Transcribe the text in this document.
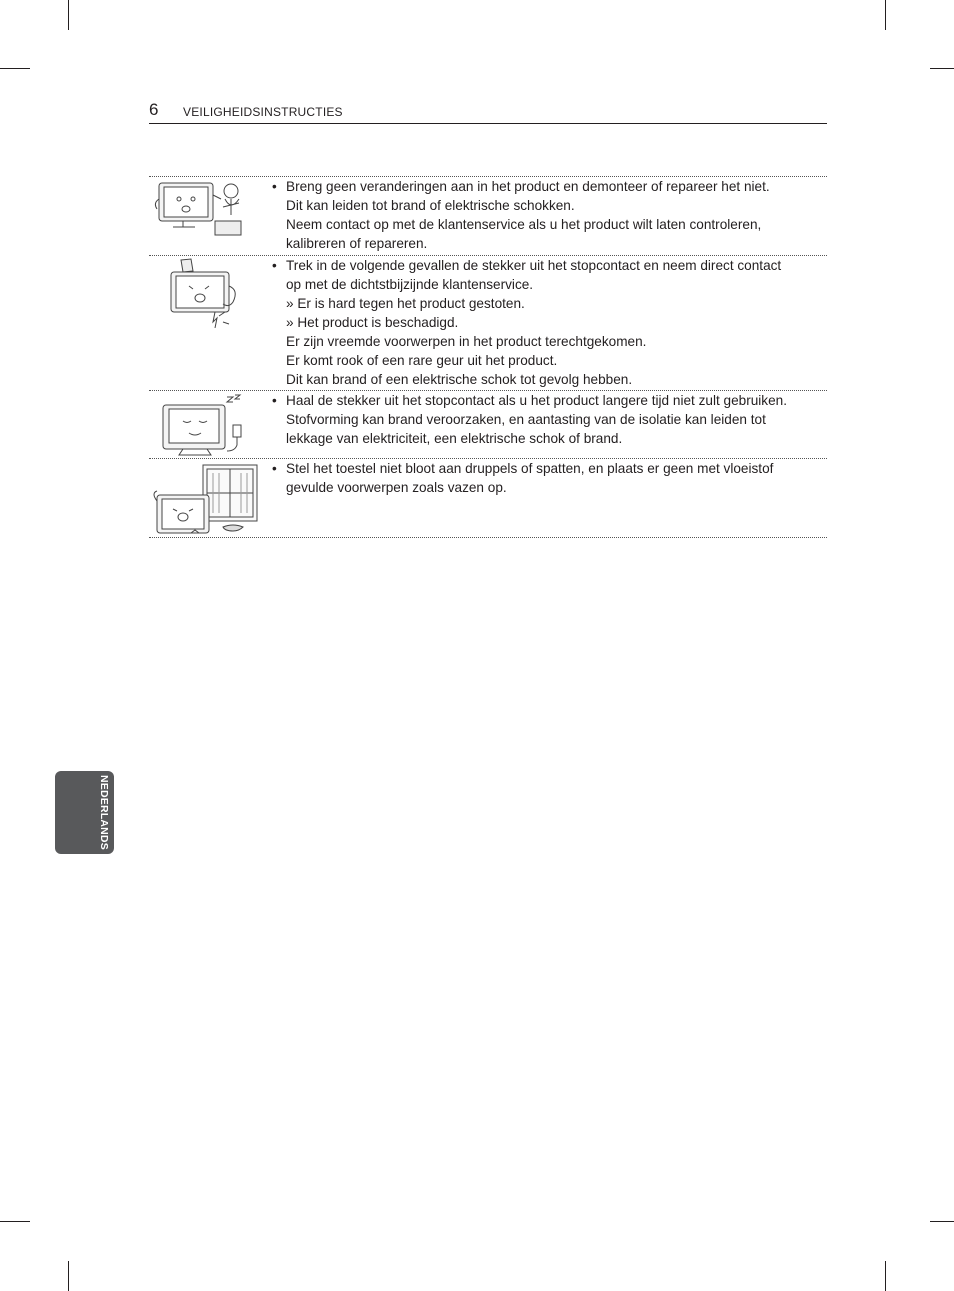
6 VEILIGHEIDSINSTRUCTIES
• Breng geen veranderingen aan in het product en demonteer of repareer het niet.
Dit kan leiden tot brand of elektrische schokken.
Neem contact op met de klantenservice als u het product wilt laten controleren,
kalibreren of repareren.
• Trek in de volgende gevallen de stekker uit het stopcontact en neem direct contact
op met de dichtstbijzijnde klantenservice.
» Er is hard tegen het product gestoten.
» Het product is beschadigd.
Er zijn vreemde voorwerpen in het product terechtgekomen.
Er komt rook of een rare geur uit het product.
Dit kan brand of een elektrische schok tot gevolg hebben.
• Haal de stekker uit het stopcontact als u het product langere tijd niet zult gebruiken.
Stofvorming kan brand veroorzaken, en aantasting van de isolatie kan leiden tot
lekkage van elektriciteit, een elektrische schok of brand.
• Stel het toestel niet bloot aan druppels of spatten, en plaats er geen met vloeistof
gevulde voorwerpen zoals vazen op.
NEDERLANDS
